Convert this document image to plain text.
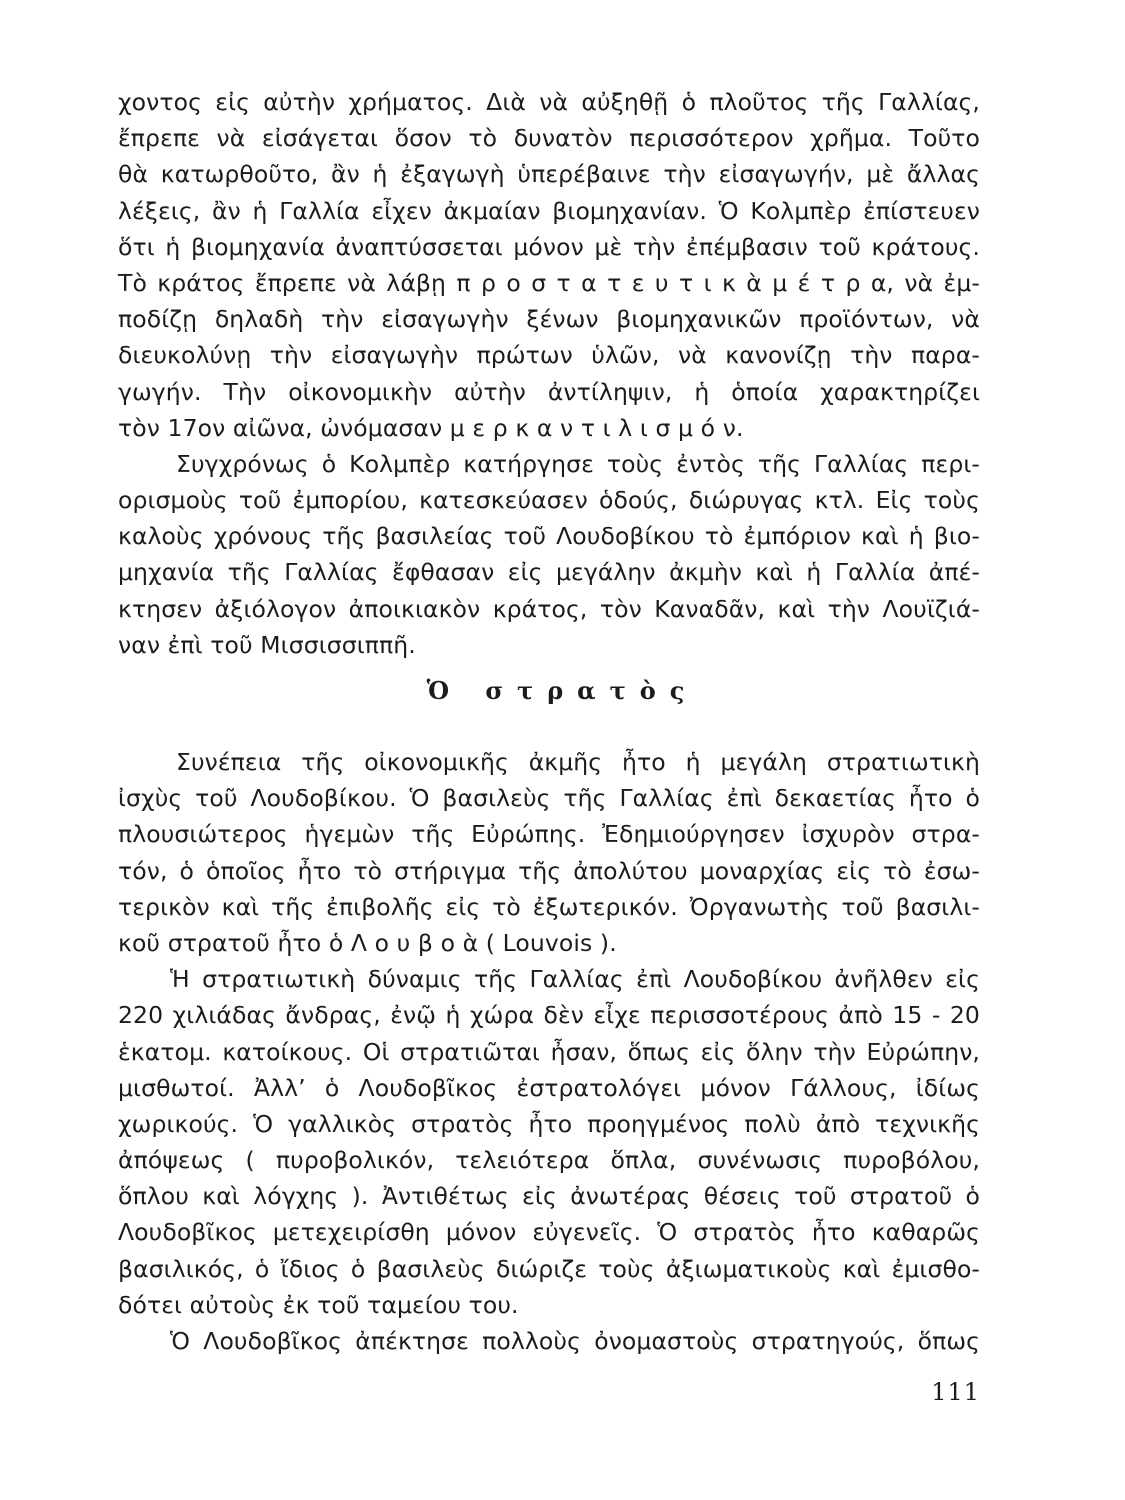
χοντος εἰς αὐτὴν χρήματος. Διὰ νὰ αὐξηθῇ ὁ πλοῦτος τῆς Γαλλίας,
ἔπρεπε νὰ εἰσάγεται ὅσον τὸ δυνατὸν περισσότερον χρῆμα. Τοῦτο
θὰ κατωρθοῦτο, ἂν ἡ ἐξαγωγὴ ὑπερέβαινε τὴν εἰσαγωγήν, μὲ ἄλλας
λέξεις, ἂν ἡ Γαλλία εἶχεν ἀκμαίαν βιομηχανίαν. Ὁ Κολμπὲρ ἐπίστευεν
ὅτι ἡ βιομηχανία ἀναπτύσσεται μόνον μὲ τὴν ἐπέμβασιν τοῦ κράτους.
Τὸ κράτος ἔπρεπε νὰ λάβῃ π ρ ο σ τ α τ ε υ τ ι κ ὰ μ έ τ ρ α, νὰ ἐμ-
ποδίζῃ δηλαδὴ τὴν εἰσαγωγὴν ξένων βιομηχανικῶν προϊόντων, νὰ
διευκολύνῃ τὴν εἰσαγωγὴν πρώτων ὑλῶν, νὰ κανονίζῃ τὴν παρα-
γωγήν. Τὴν οἰκονομικὴν αὐτὴν ἀντίληψιν, ἡ ὁποία χαρακτηρίζει
τὸν 17ον αἰῶνα, ὠνόμασαν μ ε ρ κ α ν τ ι λ ι σ μ ό ν.
Συγχρόνως ὁ Κολμπὲρ κατήργησε τοὺς ἐντὸς τῆς Γαλλίας περι-
ορισμοὺς τοῦ ἐμπορίου, κατεσκεύασεν ὁδούς, διώρυγας κτλ. Εἰς τοὺς
καλοὺς χρόνους τῆς βασιλείας τοῦ Λουδοβίκου τὸ ἐμπόριον καὶ ἡ βιο-
μηχανία τῆς Γαλλίας ἔφθασαν εἰς μεγάλην ἀκμὴν καὶ ἡ Γαλλία ἀπέ-
κτησεν ἀξιόλογον ἀποικιακὸν κράτος, τὸν Καναδᾶν, καὶ τὴν Λουϊζιά-
ναν ἐπὶ τοῦ Μισσισσιππῆ.
Ὁ στρατὸς
Συνέπεια τῆς οἰκονομικῆς ἀκμῆς ἦτο ἡ μεγάλη στρατιωτικὴ
ἰσχὺς τοῦ Λουδοβίκου. Ὁ βασιλεὺς τῆς Γαλλίας ἐπὶ δεκαετίας ἦτο ὁ
πλουσιώτερος ἡγεμὼν τῆς Εὐρώπης. Ἐδημιούργησεν ἰσχυρὸν στρα-
τόν, ὁ ὁποῖος ἦτο τὸ στήριγμα τῆς ἀπολύτου μοναρχίας εἰς τὸ ἐσω-
τερικὸν καὶ τῆς ἐπιβολῆς εἰς τὸ ἐξωτερικόν. Ὀργανωτὴς τοῦ βασιλι-
κοῦ στρατοῦ ἦτο ὁ Λ ο υ β ο ὰ ( Louvois ).
Ἡ στρατιωτικὴ δύναμις τῆς Γαλλίας ἐπὶ Λουδοβίκου ἀνῆλθεν εἰς
220 χιλιάδας ἄνδρας, ἐνῷ ἡ χώρα δὲν εἶχε περισσοτέρους ἀπὸ 15 - 20
ἑκατομ. κατοίκους. Οἱ στρατιῶται ἦσαν, ὅπως εἰς ὅλην τὴν Εὐρώπην,
μισθωτοί. Ἀλλ’ ὁ Λουδοβῖκος ἐστρατολόγει μόνον Γάλλους, ἰδίως
χωρικούς. Ὁ γαλλικὸς στρατὸς ἦτο προηγμένος πολὺ ἀπὸ τεχνικῆς
ἀπόψεως ( πυροβολικόν, τελειότερα ὅπλα, συνένωσις πυροβόλου,
ὅπλου καὶ λόγχης ). Ἀντιθέτως εἰς ἀνωτέρας θέσεις τοῦ στρατοῦ ὁ
Λουδοβῖκος μετεχειρίσθη μόνον εὐγενεῖς. Ὁ στρατὸς ἦτο καθαρῶς
βασιλικός, ὁ ἴδιος ὁ βασιλεὺς διώριζε τοὺς ἀξιωματικοὺς καὶ ἐμισθο-
δότει αὐτοὺς ἐκ τοῦ ταμείου του.
Ὁ Λουδοβῖκος ἀπέκτησε πολλοὺς ὀνομαστοὺς στρατηγούς, ὅπως
111
